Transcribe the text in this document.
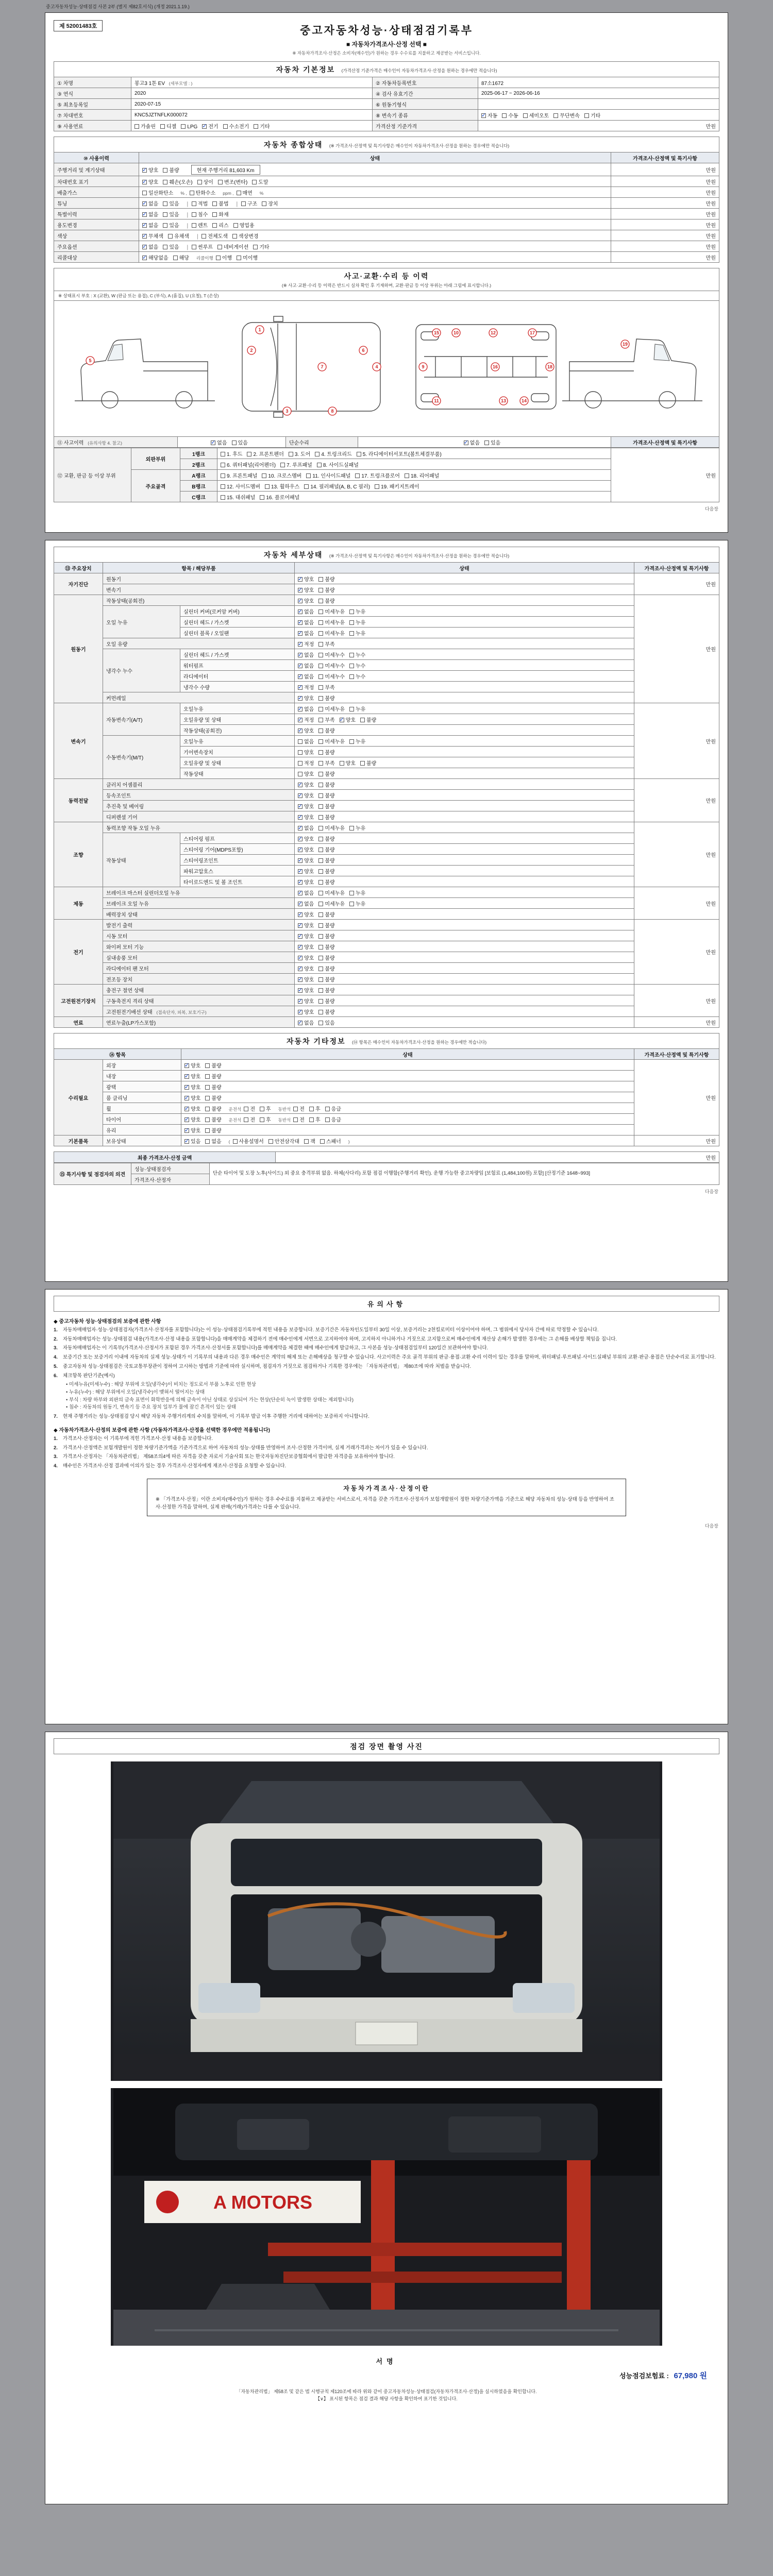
중고자동차성능·상태점검 사본 2부 (별지 제82호서식) (개정 2021.1.19.)
제 52001483호	중고자동차성능·상태점검기록부
■ 자동차가격조사·산정 선택 ■
※ 자동차가격조사·산정은 소비자(매수인)가 원하는 경우 수수료를 지불하고 제공받는 서비스입니다.
자동차 기본정보 (가격산정 기준가격은 매수인이 자동차가격조사·산정을 원하는 경우에만 적습니다)
① 차명	봉고3 1톤 EV (세부모델 : )	② 자동차등록번호	87소1672
③ 연식	2020	④ 검사 유효기간	2025-06-17 ~ 2026-06-16
⑤ 최초등록일	2020-07-15	⑥ 원동기형식	
⑦ 차대번호	KNC5JZTNFLK000072	⑧ 변속기 종류	✓자동 수동 세미오토 무단변속 기타
⑨ 사용연료	가솔린 디젤 LPG ✓ 전기 수소전기 기타	가격산정 기준가격	만원
자동차 종합상태 (※ 가격조사·산정액 및 특기사항은 매수인이 자동차가격조사·산정을 원하는 경우에만 적습니다)
⑩ 사용이력	상태	가격조사·산정액 및 특기사항
주행거리 및 계기상태	✓양호 불량 현재 주행거리 81,603 Km	만원
차대번호 표기	✓양호 훼손(오손) 상이 변조(변타) 도말	만원
배출가스	일산화탄소 % , 탄화수소 ppm , 매연 %	만원
튜닝	✓없음 있음 │ 적법 불법 │ 구조 장치	만원
특별이력	✓없음 있음 │ 침수 화재	만원
용도변경	✓없음 있음 │ 렌트 리스 영업용	만원
색상	✓무채색 유채색 │ 전체도색 색상변경	만원
주요옵션	✓없음 있음 │ 썬루프 네비게이션 기타	만원
리콜대상	✓해당없음 해당 리콜이행 이행 미이행	만원
사고·교환·수리 등 이력
(※ 사고·교환·수리 등 이력은 반드시 실차 확인 후 기재하며, 교환·판금 등 이상 부위는 아래 그림에 표시합니다.)
※ 상태표시 부호 : X (교환), W (판금 또는 용접), C (부식), A (흠집), U (요철), T (손상)
5
1
2
7	4
6
3	8
9
15	10
11
12
13
16
14
17
18
19
⑪ 사고이력 (유의사항 4. 참고)	✓없음 있음	단순수리	✓없음 있음	가격조사·산정액 및 특기사항
⑫ 교환, 판금 등 이상 부위	외판부위	1랭크	1. 후드 2. 프론트펜더 3. 도어 4. 트렁크리드 5. 라디에이터서포트(볼트체결부품)	만원
		2랭크	6. 쿼터패널(리어펜더) 7. 루프패널 8. 사이드실패널	
	주요골격	A랭크	9. 프론트패널 10. 크로스멤버 11. 인사이드패널 17. 트렁크플로어 18. 리어패널	
		B랭크	12. 사이드멤버 13. 휠하우스 14. 필러패널(A, B, C 필러) 19. 패키지트레이	
		C랭크	15. 대쉬패널 16. 플로어패널	
다음장
자동차 세부상태 (※ 가격조사·산정액 및 특기사항은 매수인이 자동차가격조사·산정을 원하는 경우에만 적습니다)
⑬ 주요장치	항목 / 해당부품		상태	가격조사·산정액 및 특기사항
자기진단	원동기	✓양호 불량	만원
	변속기	✓양호 불량
원동기	작동상태(공회전)	✓양호 불량	만원
	오일 누유	실린더 커버(로커암 커버)	✓없음 미세누유 누유
		실린더 헤드 / 가스켓	✓없음 미세누유 누유
		실린더 블록 / 오일팬	✓없음 미세누유 누유
	오일 유량	✓적정 부족
	냉각수 누수	실린더 헤드 / 가스켓	✓없음 미세누수 누수
		워터펌프	✓없음 미세누수 누수
		라디에이터	✓없음 미세누수 누수
		냉각수 수량	✓적정 부족
	커먼레일	✓양호 불량
변속기	자동변속기(A/T)	오일누유	✓없음 미세누유 누유	만원
		오일유량 및 상태	✓적정 부족 ✓ 양호 불량
		작동상태(공회전)	✓양호 불량
	수동변속기(M/T)	오일누유	없음 미세누유 누유	
		기어변속장치	양호 불량	
		오일유량 및 상태	적정 부족 양호 불량	
		작동상태	양호 불량	
동력전달	클러치 어셈블리	✓양호 불량	만원
	등속조인트	✓양호 불량
	추진축 및 베어링	✓양호 불량
	디퍼렌셜 기어	✓양호 불량
조향	동력조향 작동 오일 누유	✓없음 미세누유 누유	만원
	작동상태	스티어링 펌프	✓양호 불량
		스티어링 기어(MDPS포함)	✓양호 불량
		스티어링조인트	✓양호 불량
		파워고압호스	✓양호 불량
		타이로드엔드 및 볼 조인트	✓양호 불량
제동	브레이크 마스터 실린더오일 누유	✓없음 미세누유 누유	만원
	브레이크 오일 누유	✓없음 미세누유 누유
	배력장치 상태	✓양호 불량
전기	발전기 출력	✓양호 불량	만원
	시동 모터	✓양호 불량
	와이퍼 모터 기능	✓양호 불량
	실내송풍 모터	✓양호 불량
	라디에이터 팬 모터	✓양호 불량
	전조등 장치	✓양호 불량
고전원전기장치	충전구 절연 상태	✓양호 불량	만원
	구동축전지 격리 상태	✓양호 불량
	고전원전기배선 상태 (접속단자, 피복, 보호기구)	✓양호 불량
연료	연료누출(LP가스포함)	✓없음 있음	만원
자동차 기타정보 (⑭ 항목은 매수인이 자동차가격조사·산정을 원하는 경우에만 적습니다)
⑭ 항목		상태	가격조사·산정액 및 특기사항
수리필요	외장	✓양호 불량	만원
	내장	✓양호 불량
	광택	✓양호 불량
	룸 클리닝	✓양호 불량
	휠	✓양호 불량 운전석 전 후 동반석 전 후 응급
	타이어	✓양호 불량 운전석 전 후 동반석 전 후 응급
	유리	✓양호 불량
기본품목	보유상태	✓있음 없음 ( 사용설명서 안전삼각대 잭 스패너 )	만원
최종 가격조사·산정 금액	만원
⑮ 특기사항 및 점검자의 의견	성능·상태점검자	단순 타이어 및 도장 노후(사이드) 외 중요 충격부위 없음. 하체(사다리) 포함 점검 이행함(주행거리 확인). 운행 가능한 중고차량임 [보험료 (1,484,100원) 포함] [산정기준 1648~993]
가격조사·산정자
다음장
유의사항
◆ 중고자동차 성능·상태점검의 보증에 관한 사항
1.	자동차매매업자·성능·상태점검자(가격조사·산정자를 포함합니다)는 이 성능·상태점검기록부에 적힌 내용을 보증합니다. 보증기간은 자동차인도일부터 30일 이상, 보증거리는 2천킬로미터 이상이어야 하며, 그 범위에서 당사자 간에 따로 약정할 수 있습니다.
2.	자동차매매업자는 성능·상태점검 내용(가격조사·산정 내용을 포함합니다)을 매매계약을 체결하기 전에 매수인에게 서면으로 고지하여야 하며, 고지하지 아니하거나 거짓으로 고지함으로써 매수인에게 재산상 손해가 발생한 경우에는 그 손해를 배상할 책임을 집니다.
3.	자동차매매업자는 이 기록부(가격조사·산정서가 포함된 경우 가격조사·산정서를 포함합니다)를 매매계약을 체결한 때에 매수인에게 발급하고, 그 사본을 성능·상태점검일부터 120일간 보관하여야 합니다.
4.	보증기간 또는 보증거리 이내에 자동차의 실제 성능·상태가 이 기록부의 내용과 다른 경우 매수인은 계약의 해제 또는 손해배상을 청구할 수 있습니다. 사고이력은 주요 골격 부위의 판금·용접·교환 수리 이력이 있는 경우를 말하며, 쿼터패널·루프패널·사이드실패널 부위의 교환·판금·용접은 단순수리로 표기합니다.
5.	중고자동차 성능·상태점검은 국토교통부장관이 정하여 고시하는 방법과 기준에 따라 실시하며, 점검자가 거짓으로 점검하거나 기록한 경우에는 「자동차관리법」 제80조에 따라 처벌을 받습니다.
6.	체크항목 판단기준(예시)
• 미세누유(미세누수) : 해당 부위에 오일(냉각수)이 비치는 정도로서 부품 노후로 인한 현상
• 누유(누수) : 해당 부위에서 오일(냉각수)이 맺혀서 떨어지는 상태
• 부식 : 차량 하부와 외판의 금속 표면이 화학반응에 의해 금속이 아닌 상태로 상실되어 가는 현상(단순히 녹이 발생한 상태는 제외합니다)
• 침수 : 자동차의 원동기, 변속기 등 주요 장치 일부가 물에 잠긴 흔적이 있는 상태
7.	현재 주행거리는 성능·상태점검 당시 해당 자동차 주행거리계의 수치를 말하며, 이 기록부 발급 이후 주행한 거리에 대하여는 보증하지 아니합니다.
◆ 자동차가격조사·산정의 보증에 관한 사항 (자동차가격조사·산정을 선택한 경우에만 적용됩니다)
1.	가격조사·산정자는 이 기록부에 적힌 가격조사·산정 내용을 보증합니다.
2.	가격조사·산정액은 보험개발원이 정한 차량기준가액을 기준가격으로 하여 자동차의 성능·상태를 반영하여 조사·산정한 가격이며, 실제 거래가격과는 차이가 있을 수 있습니다.
3.	가격조사·산정자는 「자동차관리법」 제58조의4에 따른 자격을 갖춘 자로서 기술사회 또는 한국자동차진단보증협회에서 발급한 자격증을 보유하여야 합니다.
4.	매수인은 가격조사·산정 결과에 이의가 있는 경우 가격조사·산정자에게 재조사·산정을 요청할 수 있습니다.
자동차가격조사·산정이란
※ 「가격조사·산정」이란 소비자(매수인)가 원하는 경우 수수료를 지불하고 제공받는 서비스로서, 자격을 갖춘 가격조사·산정자가 보험개발원이 정한 차량기준가액을 기준으로 해당 자동차의 성능·상태 등을 반영하여 조사·산정한 가격을 말하며, 실제 판매(거래)가격과는 다를 수 있습니다.
다음장
점검 장면 촬영 사진
A MOTORS
서명
성능점검보험료 : 67,980 원
「자동차관리법」 제58조 및 같은 법 시행규칙 제120조에 따라 위와 같이 중고자동차성능·상태점검(자동차가격조사·산정)을 실시하였음을 확인합니다.
【∨】 표시된 항목은 점검 결과 해당 사항을 확인하여 표기한 것입니다.
